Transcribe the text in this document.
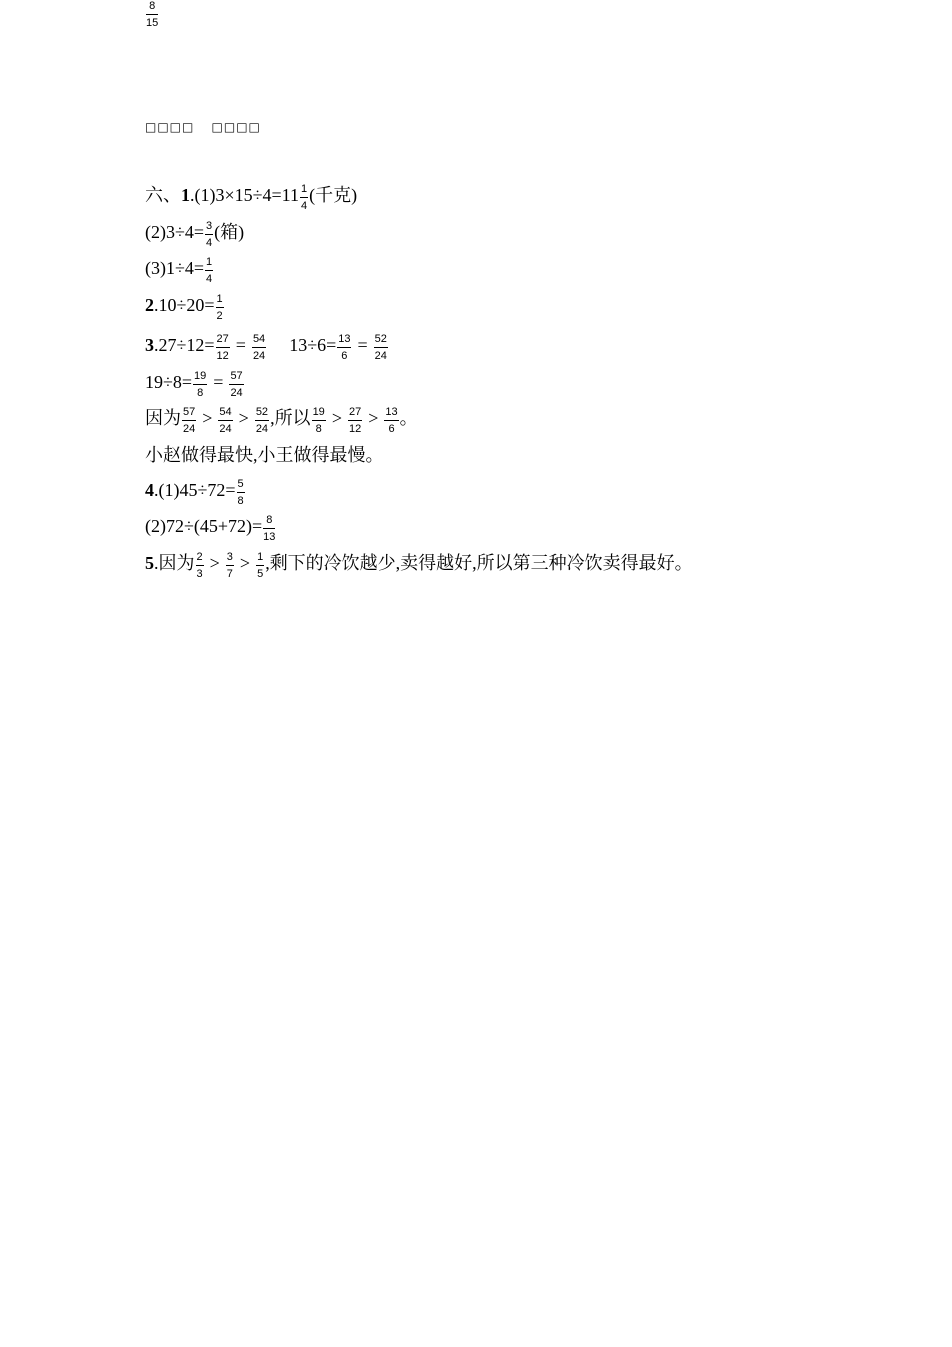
□□□□ □□□□
$\frac{8}{15}$
六、$1.(1)3\times 15\div 4=11 \frac{1}{4}$ (千克)
$(2)3\div 4= \frac{3}{4}$ (箱)
$(3)1\div 4= \frac{1}{4}$
$2.10\div 20= \frac{1}{2}$
$3.27\div 12= \frac{27}{12} = \frac{54}{24} 13\div 6= \frac{13}{6} = \frac{52}{24}$
$19\div 8= \frac{19}{8} = \frac{57}{24}$
因为 $\frac{57}{24} > \frac{54}{24} > \frac{52}{24}$ ,所以 $\frac{19}{8} > \frac{27}{12} > \frac{13}{6}$ 。
小赵做得最快,小王做得最慢。
$4.(1)45\div 72= \frac{5}{8}$
$(2)72\div(45+72)= \frac{8}{13}$
5.因为 $\frac{2}{3} > \frac{3}{7} > \frac{1}{5}$ ,剩下的冷饮越少,卖得越好,所以第三种冷饮卖得最好。
